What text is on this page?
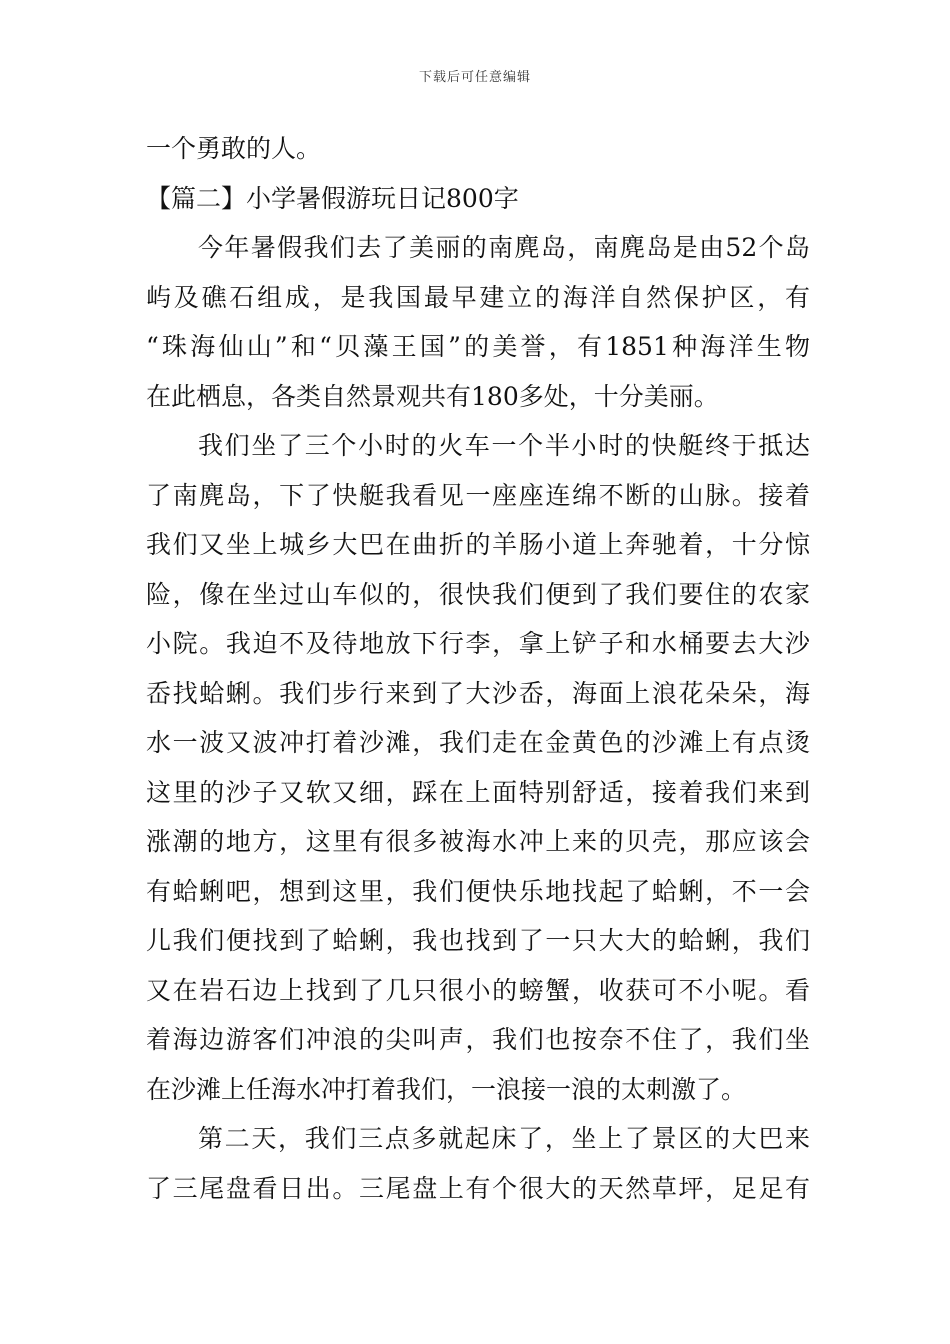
下载后可任意编辑
一个勇敢的人。
【篇二】小学暑假游玩日记800字
今年暑假我们去了美丽的南麂岛，南麂岛是由52个岛
屿及礁石组成，是我国最早建立的海洋自然保护区，有
“珠海仙山”和“贝藻王国”的美誉，有1851种海洋生物
在此栖息，各类自然景观共有180多处，十分美丽。
我们坐了三个小时的火车一个半小时的快艇终于抵达
了南麂岛，下了快艇我看见一座座连绵不断的山脉。接着
我们又坐上城乡大巴在曲折的羊肠小道上奔驰着，十分惊
险，像在坐过山车似的，很快我们便到了我们要住的农家
小院。我迫不及待地放下行李，拿上铲子和水桶要去大沙
岙找蛤蜊。我们步行来到了大沙岙，海面上浪花朵朵，海
水一波又波冲打着沙滩，我们走在金黄色的沙滩上有点烫
这里的沙子又软又细，踩在上面特别舒适，接着我们来到
涨潮的地方，这里有很多被海水冲上来的贝壳，那应该会
有蛤蜊吧，想到这里，我们便快乐地找起了蛤蜊，不一会
儿我们便找到了蛤蜊，我也找到了一只大大的蛤蜊，我们
又在岩石边上找到了几只很小的螃蟹，收获可不小呢。看
着海边游客们冲浪的尖叫声，我们也按奈不住了，我们坐
在沙滩上任海水冲打着我们，一浪接一浪的太刺激了。
第二天，我们三点多就起床了，坐上了景区的大巴来
了三尾盘看日出。三尾盘上有个很大的天然草坪，足足有
